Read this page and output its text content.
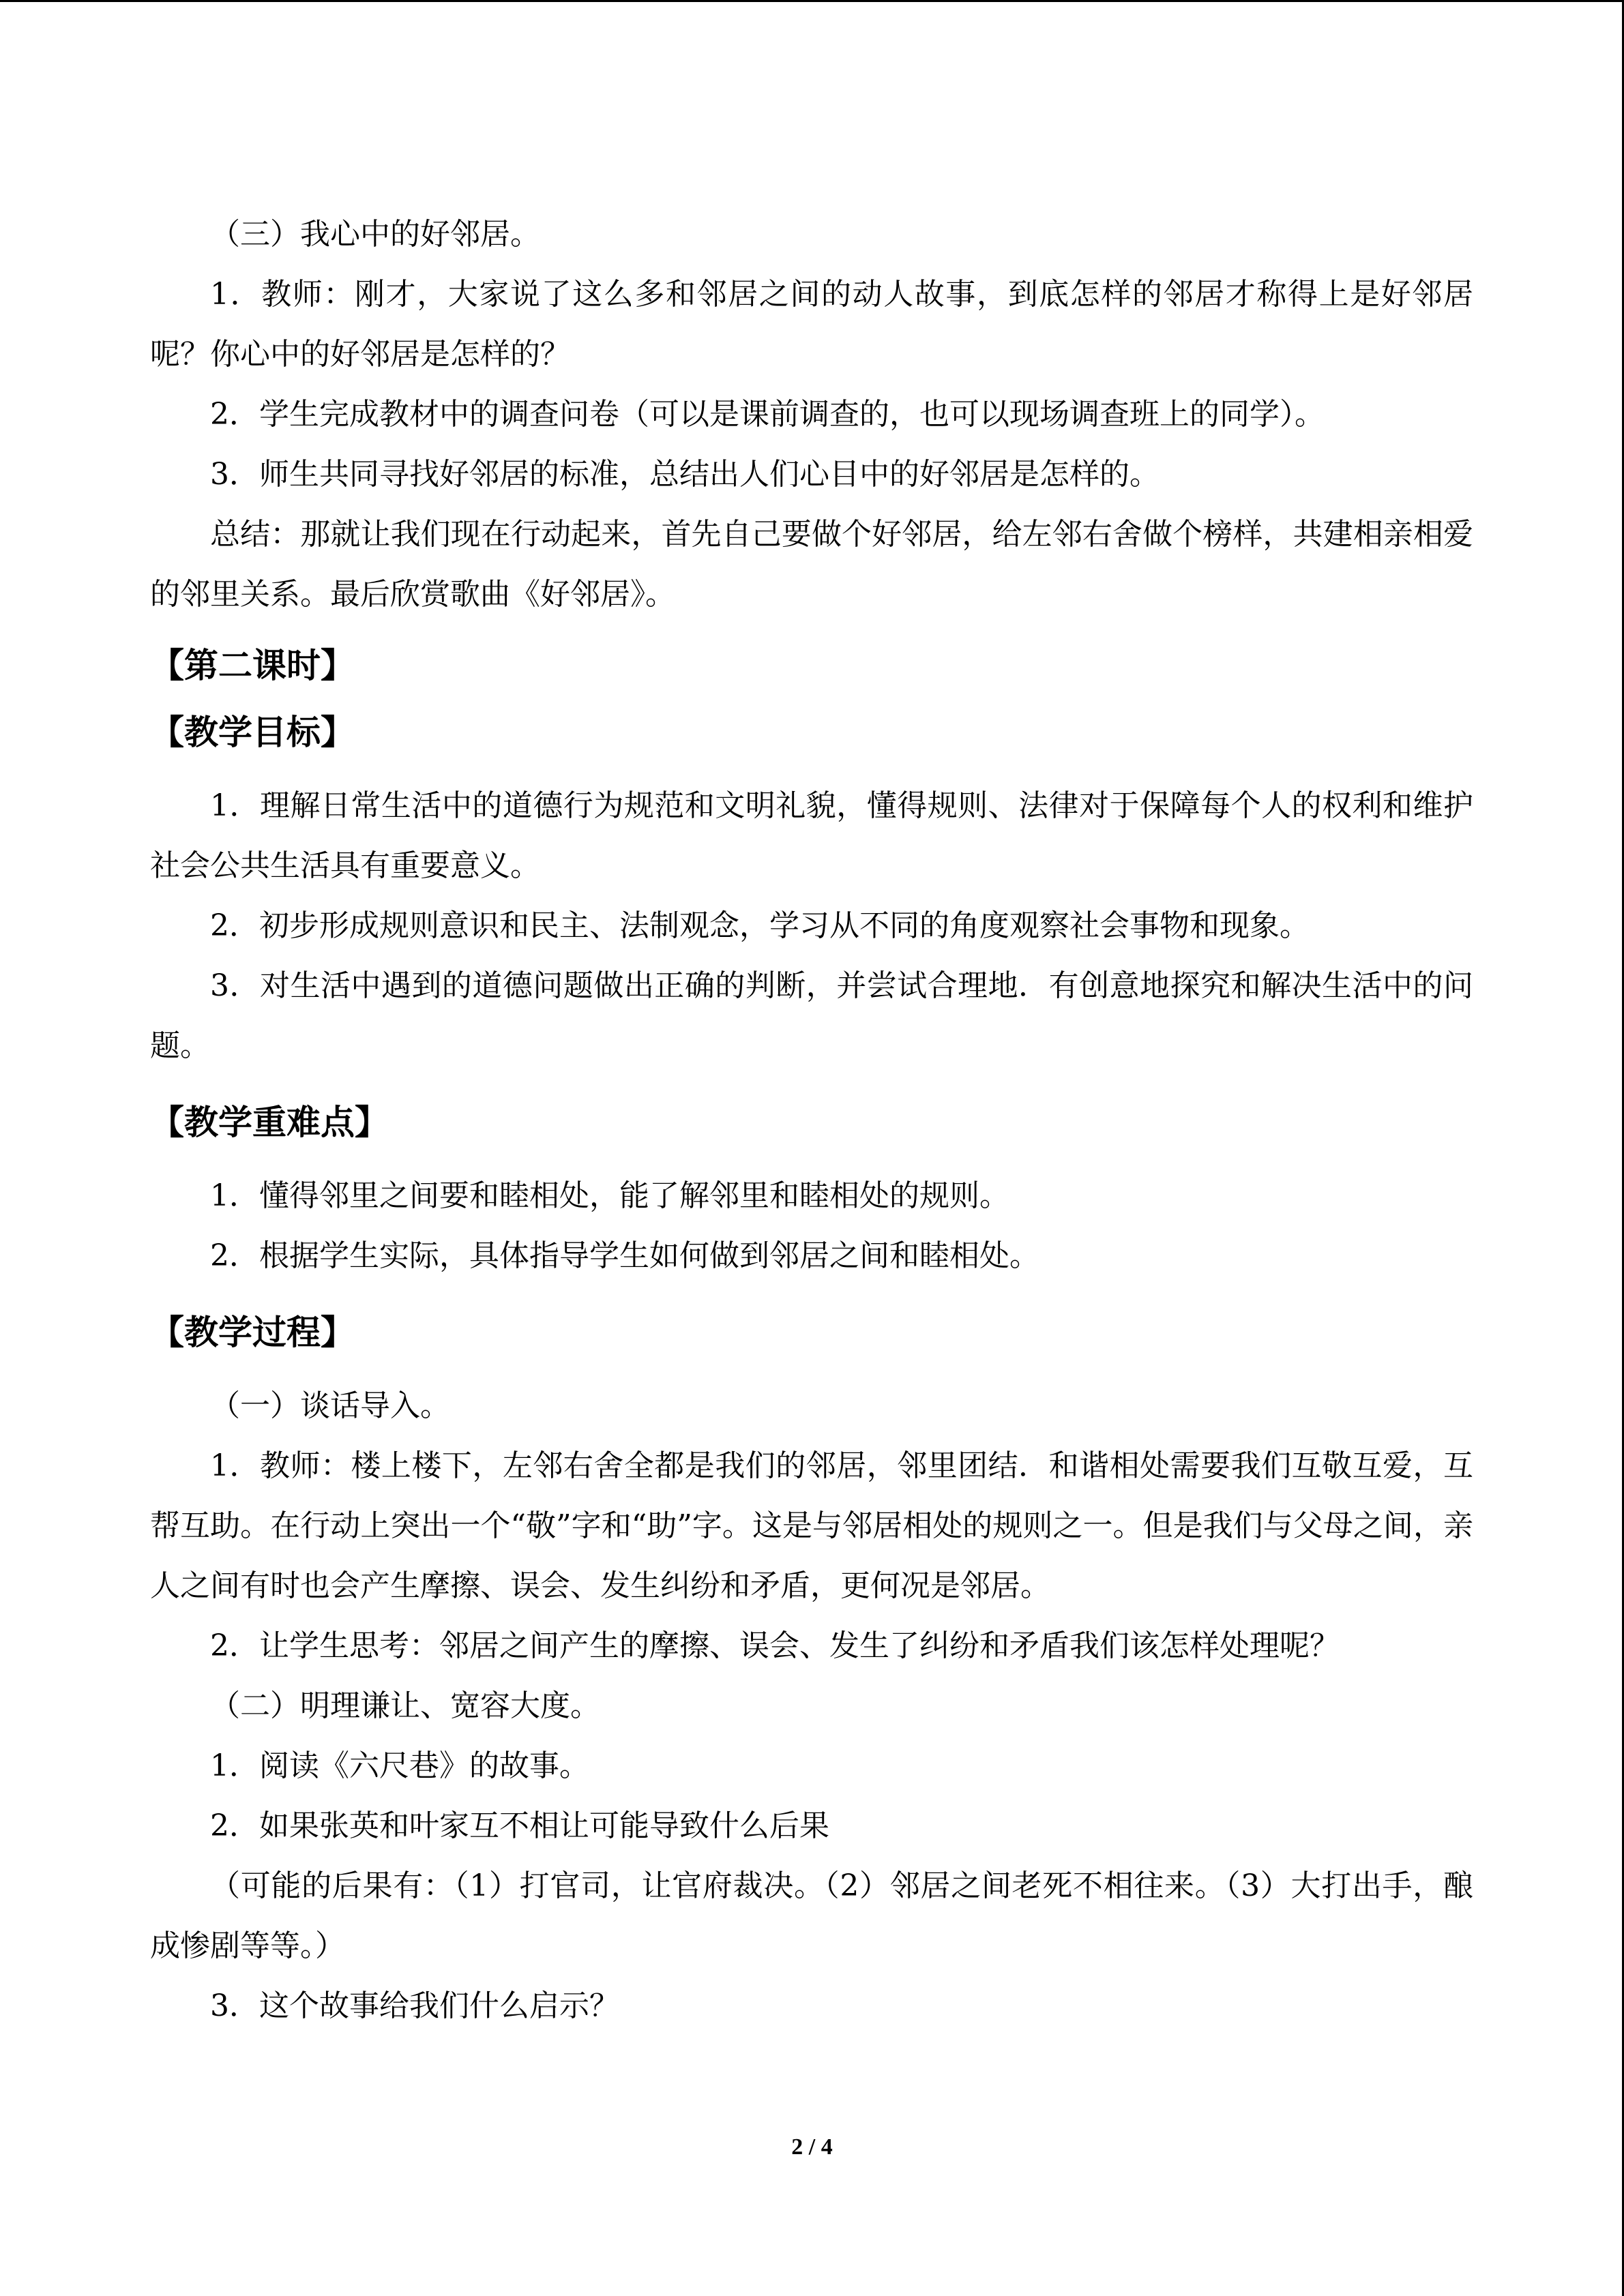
（三）我心中的好邻居。

1．教师：刚才，大家说了这么多和邻居之间的动人故事，到底怎样的邻居才称得上是好邻居呢？你心中的好邻居是怎样的？

2．学生完成教材中的调查问卷（可以是课前调查的，也可以现场调查班上的同学）。

3．师生共同寻找好邻居的标准，总结出人们心目中的好邻居是怎样的。

总结：那就让我们现在行动起来，首先自己要做个好邻居，给左邻右舍做个榜样，共建相亲相爱的邻里关系。最后欣赏歌曲《好邻居》。

【第二课时】
【教学目标】

1．理解日常生活中的道德行为规范和文明礼貌，懂得规则、法律对于保障每个人的权利和维护社会公共生活具有重要意义。

2．初步形成规则意识和民主、法制观念，学习从不同的角度观察社会事物和现象。

3．对生活中遇到的道德问题做出正确的判断，并尝试合理地．有创意地探究和解决生活中的问题。

【教学重难点】

1．懂得邻里之间要和睦相处，能了解邻里和睦相处的规则。

2．根据学生实际，具体指导学生如何做到邻居之间和睦相处。

【教学过程】

（一）谈话导入。

1．教师：楼上楼下，左邻右舍全都是我们的邻居，邻里团结．和谐相处需要我们互敬互爱，互帮互助。在行动上突出一个“敬”字和“助”字。这是与邻居相处的规则之一。但是我们与父母之间，亲人之间有时也会产生摩擦、误会、发生纠纷和矛盾，更何况是邻居。

2．让学生思考：邻居之间产生的摩擦、误会、发生了纠纷和矛盾我们该怎样处理呢？

（二）明理谦让、宽容大度。

1．阅读《六尺巷》的故事。

2．如果张英和叶家互不相让可能导致什么后果

（可能的后果有：（1）打官司，让官府裁决。（2）邻居之间老死不相往来。（3）大打出手，酿成惨剧等等。）

3．这个故事给我们什么启示？

2 / 4
